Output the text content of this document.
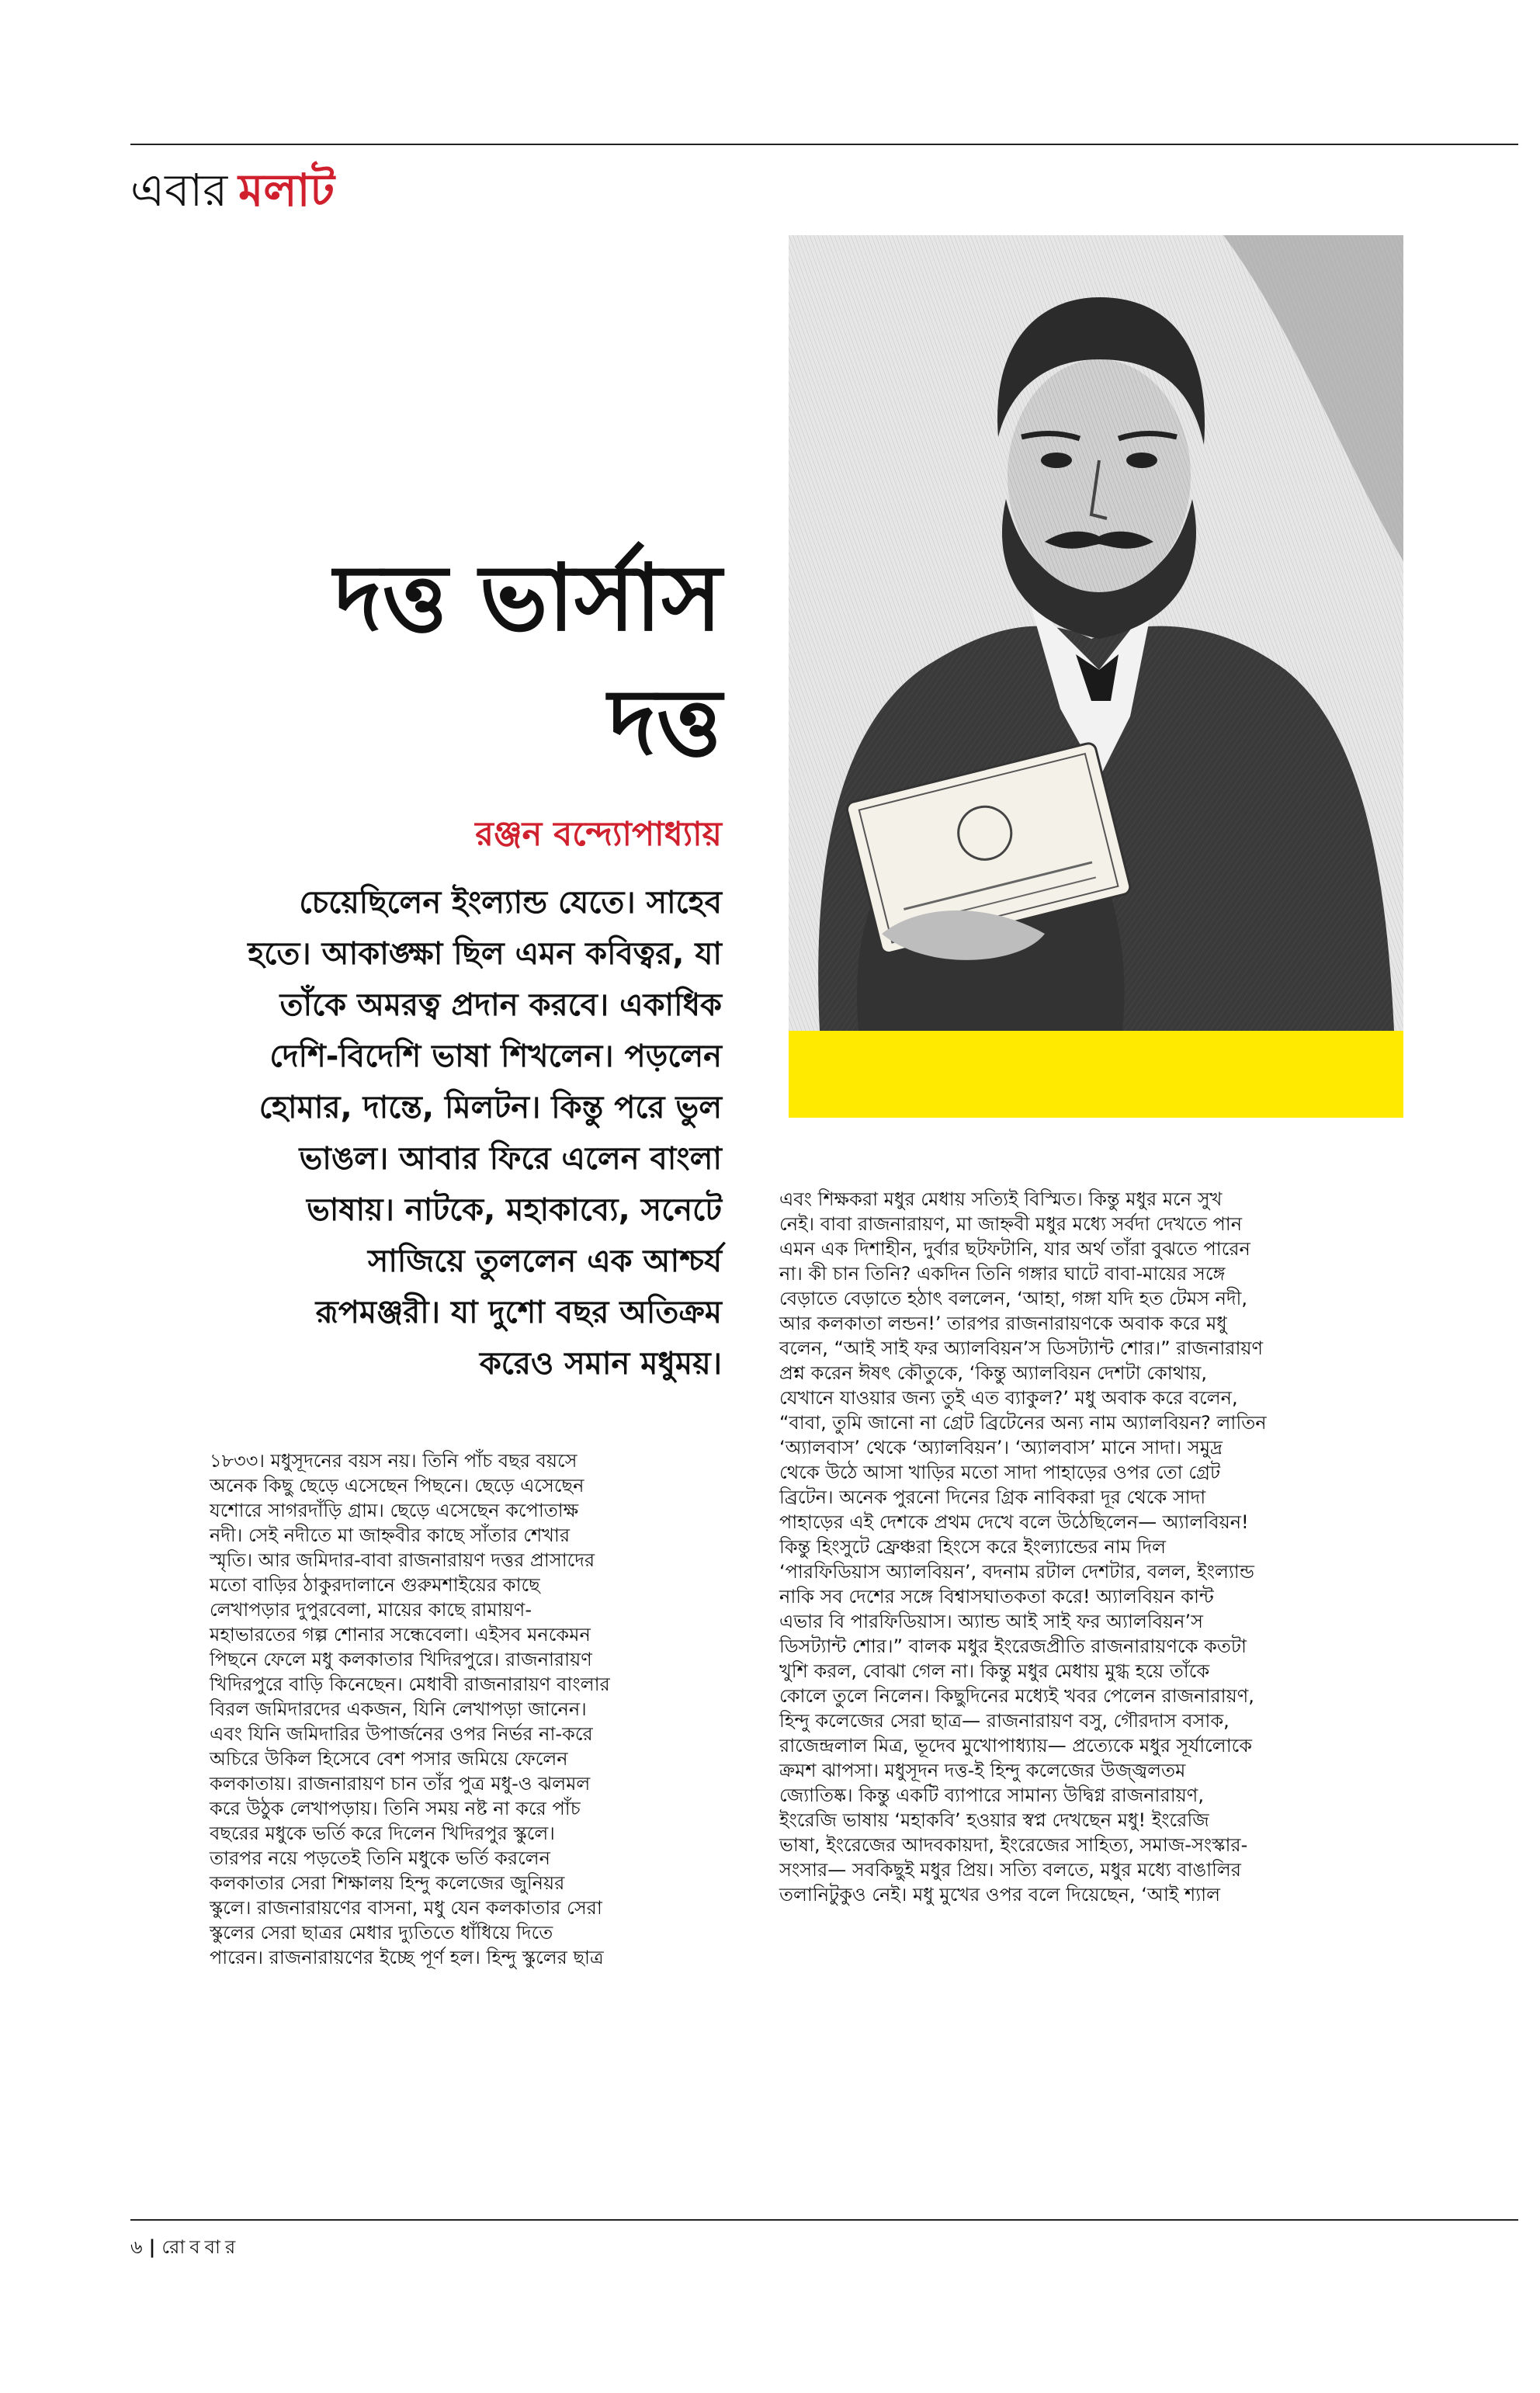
এবার মলাট
দত্ত ভার্সাস
দত্ত
রঞ্জন বন্দ্যোপাধ্যায়
চেয়েছিলেন ইংল্যান্ড যেতে। সাহেব
হতে। আকাঙ্ক্ষা ছিল এমন কবিত্বর, যা
তাঁকে অমরত্ব প্রদান করবে। একাধিক
দেশি-বিদেশি ভাষা শিখলেন। পড়লেন
হোমার, দান্তে, মিলটন। কিন্তু পরে ভুল
ভাঙল। আবার ফিরে এলেন বাংলা
ভাষায়। নাটকে, মহাকাব্যে, সনেটে
সাজিয়ে তুললেন এক আশ্চর্য
রূপমঞ্জরী। যা দুশো বছর অতিক্রম
করেও সমান মধুময়।
১৮৩৩। মধুসূদনের বয়স নয়। তিনি পাঁচ বছর বয়সে
অনেক কিছু ছেড়ে এসেছেন পিছনে। ছেড়ে এসেছেন
যশোরে সাগরদাঁড়ি গ্রাম। ছেড়ে এসেছেন কপোতাক্ষ
নদী। সেই নদীতে মা জাহ্নবীর কাছে সাঁতার শেখার
স্মৃতি। আর জমিদার-বাবা রাজনারায়ণ দত্তর প্রাসাদের
মতো বাড়ির ঠাকুরদালানে গুরুমশাইয়ের কাছে
লেখাপড়ার দুপুরবেলা, মায়ের কাছে রামায়ণ-
মহাভারতের গল্প শোনার সন্ধেবেলা। এইসব মনকেমন
পিছনে ফেলে মধু কলকাতার খিদিরপুরে। রাজনারায়ণ
খিদিরপুরে বাড়ি কিনেছেন। মেধাবী রাজনারায়ণ বাংলার
বিরল জমিদারদের একজন, যিনি লেখাপড়া জানেন।
এবং যিনি জমিদারির উপার্জনের ওপর নির্ভর না-করে
অচিরে উকিল হিসেবে বেশ পসার জমিয়ে ফেলেন
কলকাতায়। রাজনারায়ণ চান তাঁর পুত্র মধু-ও ঝলমল
করে উঠুক লেখাপড়ায়। তিনি সময় নষ্ট না করে পাঁচ
বছরের মধুকে ভর্তি করে দিলেন খিদিরপুর স্কুলে।
তারপর নয়ে পড়তেই তিনি মধুকে ভর্তি করলেন
কলকাতার সেরা শিক্ষালয় হিন্দু কলেজের জুনিয়র
স্কুলে। রাজনারায়ণের বাসনা, মধু যেন কলকাতার সেরা
স্কুলের সেরা ছাত্রর মেধার দ্যুতিতে ধাঁধিয়ে দিতে
পারেন। রাজনারায়ণের ইচ্ছে পূর্ণ হল। হিন্দু স্কুলের ছাত্র
এবং শিক্ষকরা মধুর মেধায় সত্যিই বিস্মিত। কিন্তু মধুর মনে সুখ
নেই। বাবা রাজনারায়ণ, মা জাহ্নবী মধুর মধ্যে সর্বদা দেখতে পান
এমন এক দিশাহীন, দুর্বার ছটফটানি, যার অর্থ তাঁরা বুঝতে পারেন
না। কী চান তিনি? একদিন তিনি গঙ্গার ঘাটে বাবা-মায়ের সঙ্গে
বেড়াতে বেড়াতে হঠাৎ বললেন, ‘আহা, গঙ্গা যদি হত টেমস নদী,
আর কলকাতা লন্ডন!’ তারপর রাজনারায়ণকে অবাক করে মধু
বলেন, “আই সাই ফর অ্যালবিয়ন’স ডিসট্যান্ট শোর।” রাজনারায়ণ
প্রশ্ন করেন ঈষৎ কৌতুকে, ‘কিন্তু অ্যালবিয়ন দেশটা কোথায়,
যেখানে যাওয়ার জন্য তুই এত ব্যাকুল?’ মধু অবাক করে বলেন,
“বাবা, তুমি জানো না গ্রেট ব্রিটেনের অন্য নাম অ্যালবিয়ন? লাতিন
‘অ্যালবাস’ থেকে ‘অ্যালবিয়ন’। ‘অ্যালবাস’ মানে সাদা। সমুদ্র
থেকে উঠে আসা খাড়ির মতো সাদা পাহাড়ের ওপর তো গ্রেট
ব্রিটেন। অনেক পুরনো দিনের গ্রিক নাবিকরা দূর থেকে সাদা
পাহাড়ের এই দেশকে প্রথম দেখে বলে উঠেছিলেন— অ্যালবিয়ন!
কিন্তু হিংসুটে ফ্রেঞ্চরা হিংসে করে ইংল্যান্ডের নাম দিল
‘পারফিডিয়াস অ্যালবিয়ন’, বদনাম রটাল দেশটার, বলল, ইংল্যান্ড
নাকি সব দেশের সঙ্গে বিশ্বাসঘাতকতা করে! অ্যালবিয়ন কান্ট
এভার বি পারফিডিয়াস। অ্যান্ড আই সাই ফর অ্যালবিয়ন’স
ডিসট্যান্ট শোর।” বালক মধুর ইংরেজপ্রীতি রাজনারায়ণকে কতটা
খুশি করল, বোঝা গেল না। কিন্তু মধুর মেধায় মুগ্ধ হয়ে তাঁকে
কোলে তুলে নিলেন। কিছুদিনের মধ্যেই খবর পেলেন রাজনারায়ণ,
হিন্দু কলেজের সেরা ছাত্র— রাজনারায়ণ বসু, গৌরদাস বসাক,
রাজেন্দ্রলাল মিত্র, ভূদেব মুখোপাধ্যায়— প্রত্যেকে মধুর সূর্যালোকে
ক্রমশ ঝাপসা। মধুসূদন দত্ত-ই হিন্দু কলেজের উজ্জ্বলতম
জ্যোতিষ্ক। কিন্তু একটি ব্যাপারে সামান্য উদ্বিগ্ন রাজনারায়ণ,
ইংরেজি ভাষায় ‘মহাকবি’ হওয়ার স্বপ্ন দেখছেন মধু! ইংরেজি
ভাষা, ইংরেজের আদবকায়দা, ইংরেজের সাহিত্য, সমাজ-সংস্কার-
সংসার— সবকিছুই মধুর প্রিয়। সত্যি বলতে, মধুর মধ্যে বাঙালির
তলানিটুকুও নেই। মধু মুখের ওপর বলে দিয়েছেন, ‘আই শ্যাল
৬ | রোববার
